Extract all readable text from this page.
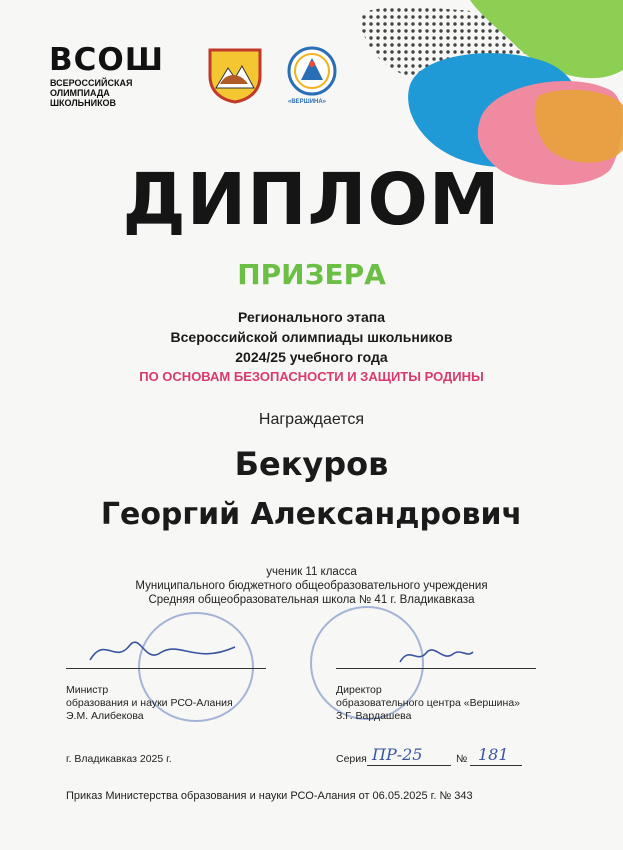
ВСОШ
ВСЕРОССИЙСКАЯ
ОЛИМПИАДА
ШКОЛЬНИКОВ	«ВЕРШИНА»
ДИПЛОМ
ПРИЗЕРА
Регионального этапа
Всероссийской олимпиады школьников
2024/25 учебного года
ПО ОСНОВАМ БЕЗОПАСНОСТИ И ЗАЩИТЫ РОДИНЫ
Награждается
Бекуров
Георгий Александрович
ученик 11 класса
Муниципального бюджетного общеобразовательного учреждения
Средняя общеобразовательная школа № 41 г. Владикавказа
Министр
образования и науки РСО-Алания
Э.М. Алибекова
Директор
образовательного центра «Вершина»
З.Г. Вардашева
г. Владикавказ 2025 г.	Серия ПР-25	№ 181
Приказ Министерства образования и науки РСО-Алания от 06.05.2025 г. № 343
